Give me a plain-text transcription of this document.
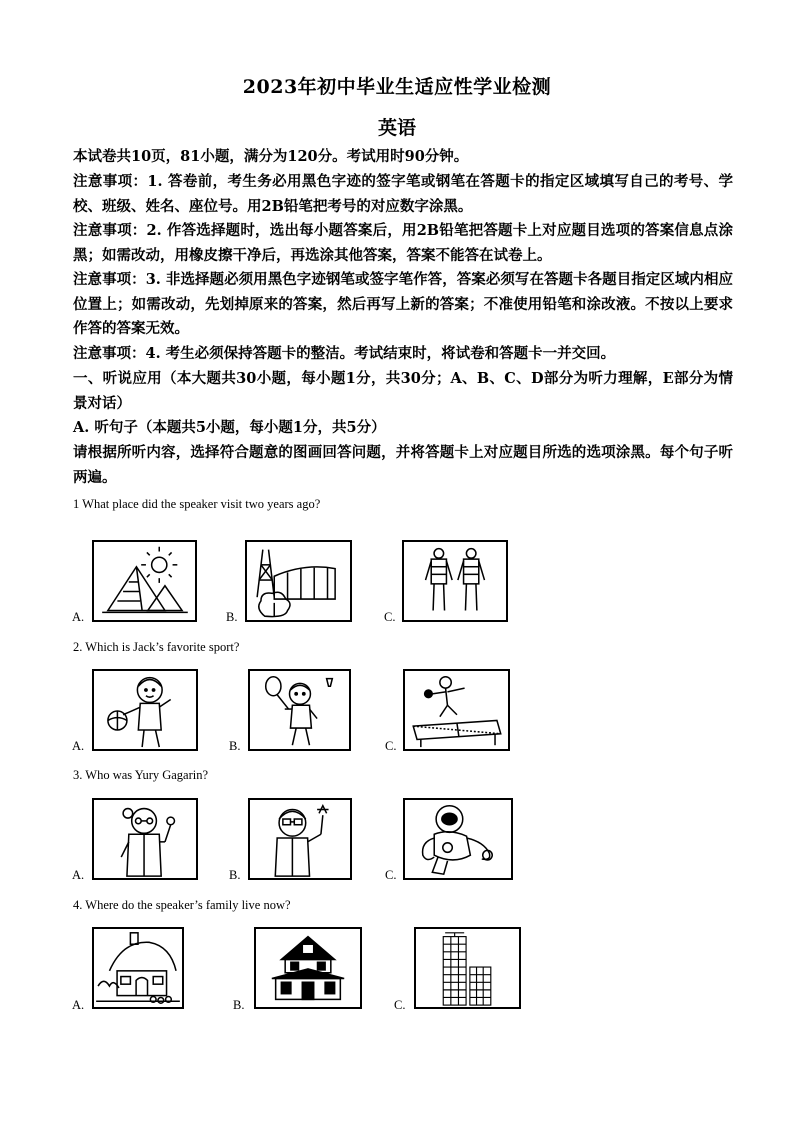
2023年初中毕业生适应性学业检测
英语
本试卷共10页，81小题，满分为120分。考试用时90分钟。
注意事项：1. 答卷前，考生务必用黑色字迹的签字笔或钢笔在答题卡的指定区域填写自己的考号、学校、班级、姓名、座位号。用2B铅笔把考号的对应数字涂黑。
注意事项：2. 作答选择题时，选出每小题答案后，用2B铅笔把答题卡上对应题目选项的答案信息点涂黑；如需改动，用橡皮擦干净后，再选涂其他答案，答案不能答在试卷上。
注意事项：3. 非选择题必须用黑色字迹钢笔或签字笔作答，答案必须写在答题卡各题目指定区域内相应位置上；如需改动，先划掉原来的答案，然后再写上新的答案；不准使用铅笔和涂改液。不按以上要求作答的答案无效。
注意事项：4. 考生必须保持答题卡的整洁。考试结束时，将试卷和答题卡一并交回。
一、听说应用（本大题共30小题，每小题1分，共30分；A、B、C、D部分为听力理解，E部分为情景对话）
A. 听句子（本题共5小题，每小题1分，共5分）
请根据所听内容，选择符合题意的图画回答问题，并将答题卡上对应题目所选的选项涂黑。每个句子听两遍。
1 What place did the speaker visit two years ago?
A.	B.	C.
2. Which is Jack’s favorite sport?
A.	B.	C.
3. Who was Yury Gagarin?
A.	B.	C.
4. Where do the speaker’s family live now?
A.	B.	C.
